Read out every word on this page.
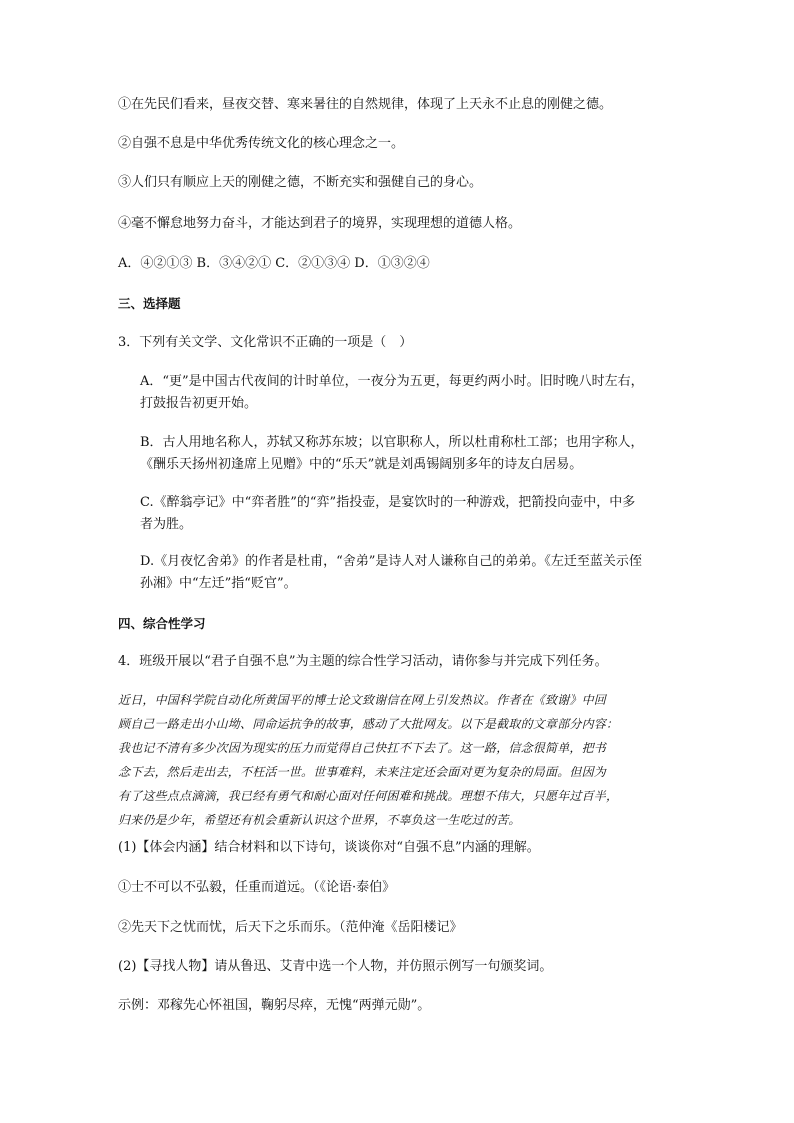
①在先民们看来，昼夜交替、寒来暑往的自然规律，体现了上天永不止息的刚健之德。

②自强不息是中华优秀传统文化的核心理念之一。

③人们只有顺应上天的刚健之德，不断充实和强健自己的身心。

④毫不懈怠地努力奋斗，才能达到君子的境界，实现理想的道德人格。

A．④②①③ B．③④②① C．②①③④ D．①③②④

三、选择题

3．下列有关文学、文化常识不正确的一项是（　）

A．“更”是中国古代夜间的计时单位，一夜分为五更，每更约两小时。旧时晚八时左右，
打鼓报告初更开始。
B．古人用地名称人，苏轼又称苏东坡；以官职称人，所以杜甫称杜工部；也用字称人，
《酬乐天扬州初逢席上见赠》中的“乐天”就是刘禹锡阔别多年的诗友白居易。
C.《醉翁亭记》中“弈者胜”的“弈”指投壶，是宴饮时的一种游戏，把箭投向壶中，中多
者为胜。
D.《月夜忆舍弟》的作者是杜甫，“舍弟”是诗人对人谦称自己的弟弟。《左迁至蓝关示侄
孙湘》中“左迁”指“贬官”。

四、综合性学习

4．班级开展以“君子自强不息”为主题的综合性学习活动，请你参与并完成下列任务。

近日，中国科学院自动化所黄国平的博士论文致谢信在网上引发热议。作者在《致谢》中回
顾自己一路走出小山坳、同命运抗争的故事，感动了大批网友。以下是截取的文章部分内容：
我也记不清有多少次因为现实的压力而觉得自己快扛不下去了。这一路，信念很简单，把书
念下去，然后走出去，不枉活一世。世事难料，未来注定还会面对更为复杂的局面。但因为
有了这些点点滴滴，我已经有勇气和耐心面对任何困难和挑战。理想不伟大，只愿年过百半，
归来仍是少年，希望还有机会重新认识这个世界，不辜负这一生吃过的苦。

(1)【体会内涵】结合材料和以下诗句，谈谈你对“自强不息”内涵的理解。

①士不可以不弘毅，任重而道远。（《论语·泰伯》

②先天下之忧而忧，后天下之乐而乐。（范仲淹《岳阳楼记》

(2)【寻找人物】请从鲁迅、艾青中选一个人物，并仿照示例写一句颁奖词。

示例：邓稼先心怀祖国，鞠躬尽瘁，无愧“两弹元勋”。
